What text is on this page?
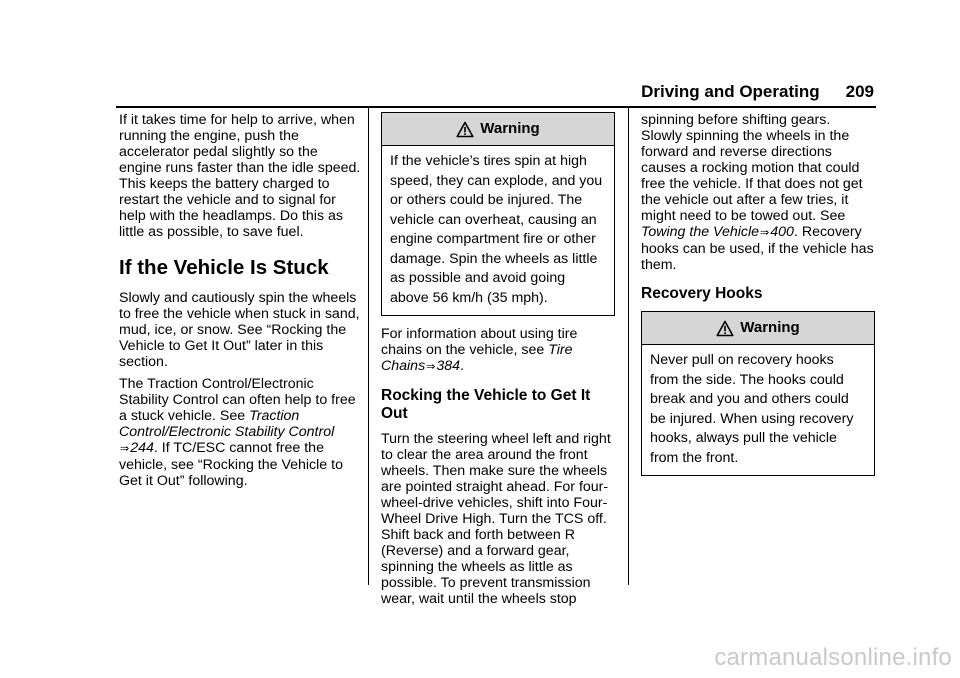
Driving and Operating 209

If it takes time for help to arrive, when running the engine, push the accelerator pedal slightly so the engine runs faster than the idle speed. This keeps the battery charged to restart the vehicle and to signal for help with the headlamps. Do this as little as possible, to save fuel.

If the Vehicle Is Stuck

Slowly and cautiously spin the wheels to free the vehicle when stuck in sand, mud, ice, or snow. See “Rocking the Vehicle to Get It Out” later in this section.

The Traction Control/Electronic Stability Control can often help to free a stuck vehicle. See Traction Control/Electronic Stability Control
⇒244. If TC/ESC cannot free the vehicle, see “Rocking the Vehicle to Get it Out” following.

Warning
If the vehicle’s tires spin at high speed, they can explode, and you or others could be injured. The vehicle can overheat, causing an engine compartment fire or other damage. Spin the wheels as little as possible and avoid going above 56 km/h (35 mph).

For information about using tire chains on the vehicle, see Tire Chains⇒384.

Rocking the Vehicle to Get It Out

Turn the steering wheel left and right to clear the area around the front wheels. Then make sure the wheels are pointed straight ahead. For four-wheel-drive vehicles, shift into Four-Wheel Drive High. Turn the TCS off. Shift back and forth between R (Reverse) and a forward gear, spinning the wheels as little as possible. To prevent transmission wear, wait until the wheels stop

spinning before shifting gears. Slowly spinning the wheels in the forward and reverse directions causes a rocking motion that could free the vehicle. If that does not get the vehicle out after a few tries, it might need to be towed out. See Towing the Vehicle⇒400. Recovery hooks can be used, if the vehicle has them.

Recovery Hooks
Warning
Never pull on recovery hooks from the side. The hooks could break and you and others could be injured. When using recovery hooks, always pull the vehicle from the front.
carmanualsonline.info
